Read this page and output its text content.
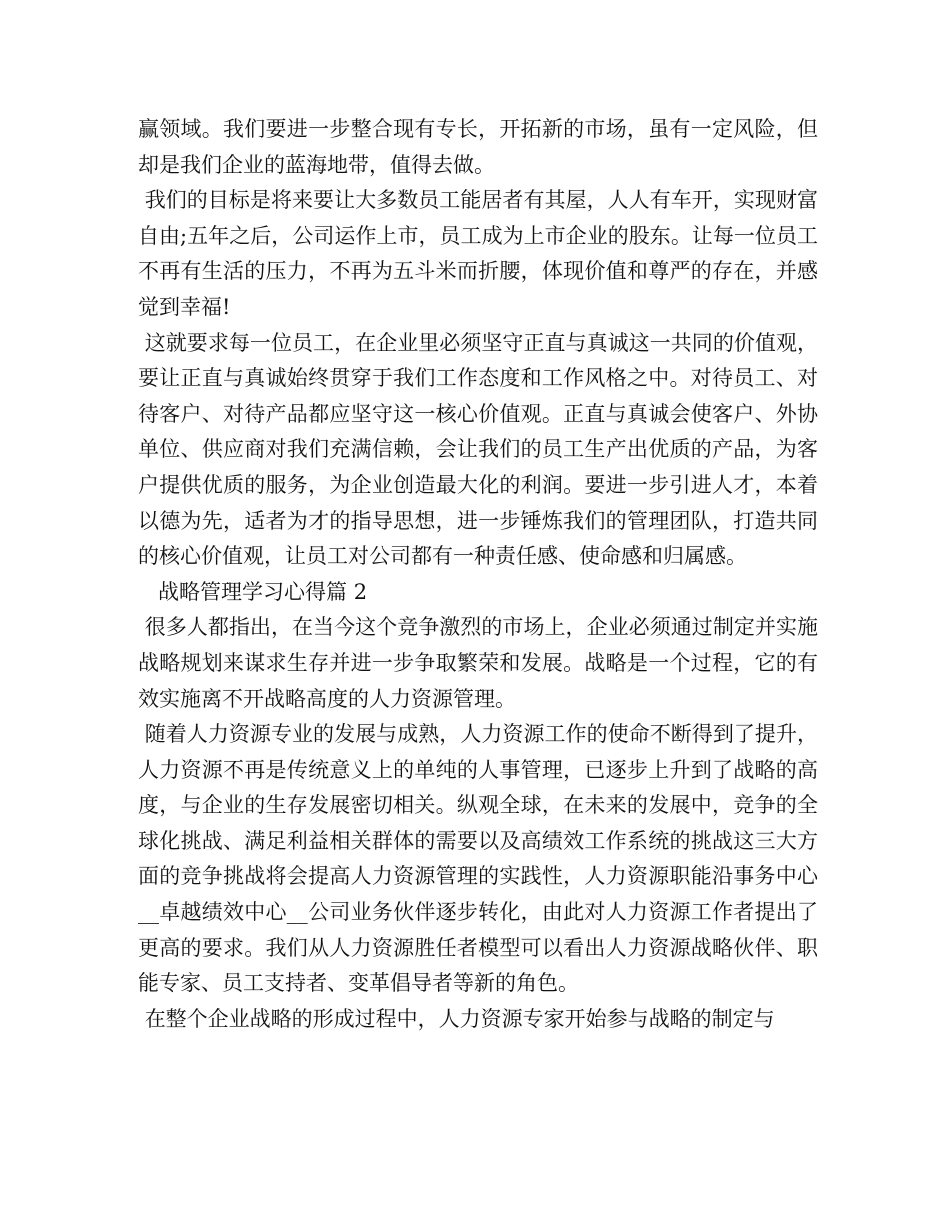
赢领域。我们要进一步整合现有专长，开拓新的市场，虽有一定风险，但却是我们企业的蓝海地带，值得去做。

我们的目标是将来要让大多数员工能居者有其屋，人人有车开，实现财富自由;五年之后，公司运作上市，员工成为上市企业的股东。让每一位员工不再有生活的压力，不再为五斗米而折腰，体现价值和尊严的存在，并感觉到幸福!

这就要求每一位员工，在企业里必须坚守正直与真诚这一共同的价值观，要让正直与真诚始终贯穿于我们工作态度和工作风格之中。对待员工、对待客户、对待产品都应坚守这一核心价值观。正直与真诚会使客户、外协单位、供应商对我们充满信赖，会让我们的员工生产出优质的产品，为客户提供优质的服务，为企业创造最大化的利润。要进一步引进人才，本着以德为先，适者为才的指导思想，进一步锤炼我们的管理团队，打造共同的核心价值观，让员工对公司都有一种责任感、使命感和归属感。

战略管理学习心得篇 2

很多人都指出，在当今这个竞争激烈的市场上，企业必须通过制定并实施战略规划来谋求生存并进一步争取繁荣和发展。战略是一个过程，它的有效实施离不开战略高度的人力资源管理。

随着人力资源专业的发展与成熟，人力资源工作的使命不断得到了提升，人力资源不再是传统意义上的单纯的人事管理，已逐步上升到了战略的高度，与企业的生存发展密切相关。纵观全球，在未来的发展中，竞争的全球化挑战、满足利益相关群体的需要以及高绩效工作系统的挑战这三大方面的竞争挑战将会提高人力资源管理的实践性，人力资源职能沿事务中心__卓越绩效中心__公司业务伙伴逐步转化，由此对人力资源工作者提出了更高的要求。我们从人力资源胜任者模型可以看出人力资源战略伙伴、职能专家、员工支持者、变革倡导者等新的角色。

在整个企业战略的形成过程中，人力资源专家开始参与战略的制定与
